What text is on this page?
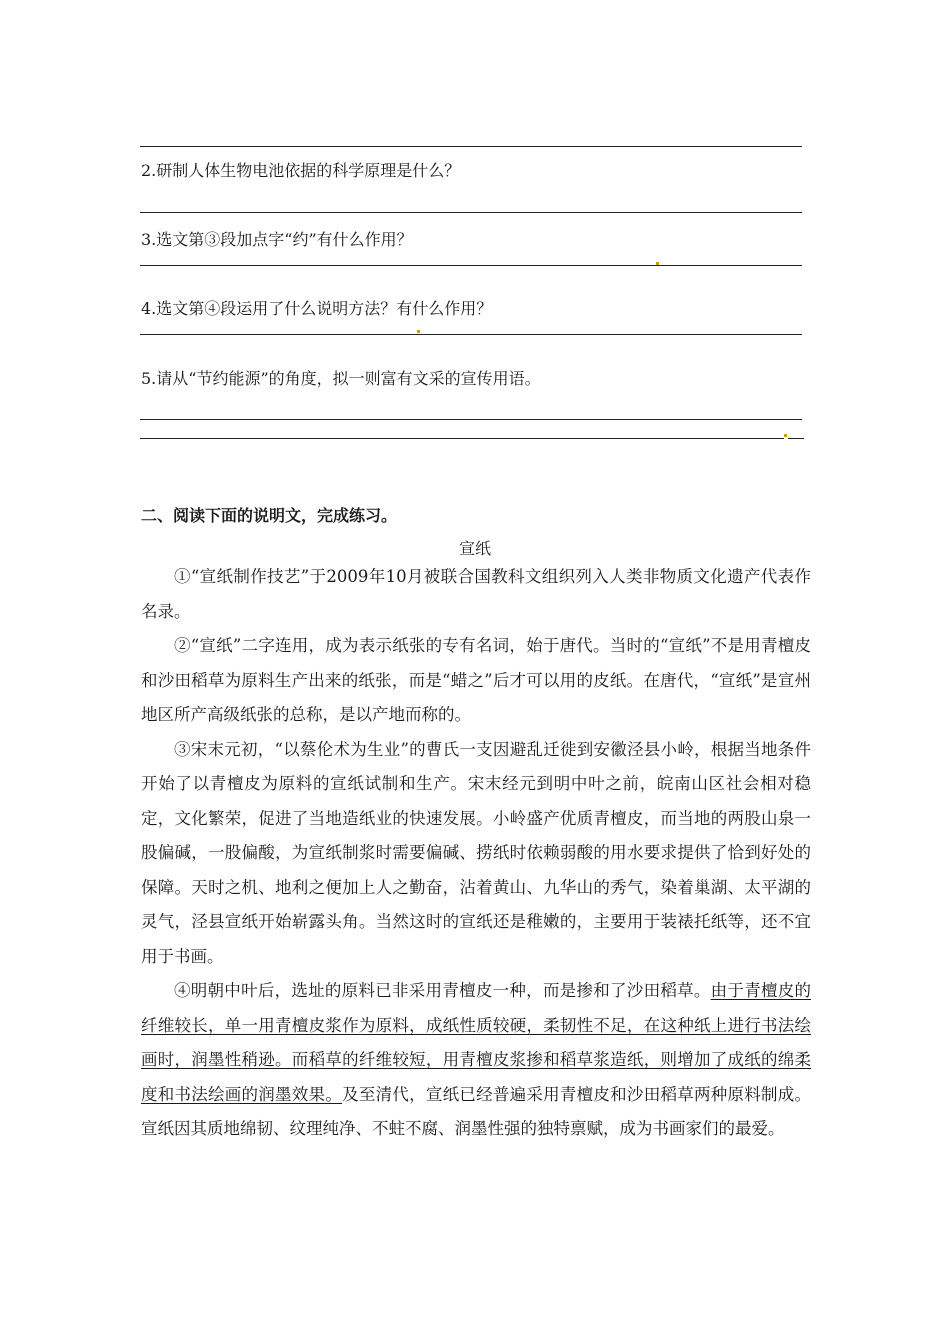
2.研制人体生物电池依据的科学原理是什么？
3.选文第③段加点字“约”有什么作用？
4.选文第④段运用了什么说明方法？有什么作用？
5.请从“节约能源”的角度，拟一则富有文采的宣传用语。
二、阅读下面的说明文，完成练习。
宣纸

①“宣纸制作技艺”于2009年10月被联合国教科文组织列入人类非物质文化遗产代表作名录。

②“宣纸”二字连用，成为表示纸张的专有名词，始于唐代。当时的“宣纸”不是用青檀皮和沙田稻草为原料生产出来的纸张，而是“蜡之”后才可以用的皮纸。在唐代，“宣纸”是宣州地区所产高级纸张的总称，是以产地而称的。

③宋末元初，“以蔡伦术为生业”的曹氏一支因避乱迁徙到安徽泾县小岭，根据当地条件开始了以青檀皮为原料的宣纸试制和生产。宋末经元到明中叶之前，皖南山区社会相对稳定，文化繁荣，促进了当地造纸业的快速发展。小岭盛产优质青檀皮，而当地的两股山泉一股偏碱，一股偏酸，为宣纸制浆时需要偏碱、捞纸时依赖弱酸的用水要求提供了恰到好处的保障。天时之机、地利之便加上人之勤奋，沾着黄山、九华山的秀气，染着巢湖、太平湖的灵气，泾县宣纸开始崭露头角。当然这时的宣纸还是稚嫩的，主要用于装裱托纸等，还不宜用于书画。

④明朝中叶后，选址的原料已非采用青檀皮一种，而是掺和了沙田稻草。由于青檀皮的纤维较长，单一用青檀皮浆作为原料，成纸性质较硬，柔韧性不足，在这种纸上进行书法绘画时，润墨性稍逊。而稻草的纤维较短，用青檀皮浆掺和稻草浆造纸，则增加了成纸的绵柔度和书法绘画的润墨效果。及至清代，宣纸已经普遍采用青檀皮和沙田稻草两种原料制成。宣纸因其质地绵韧、纹理纯净、不蛀不腐、润墨性强的独特禀赋，成为书画家们的最爱。
